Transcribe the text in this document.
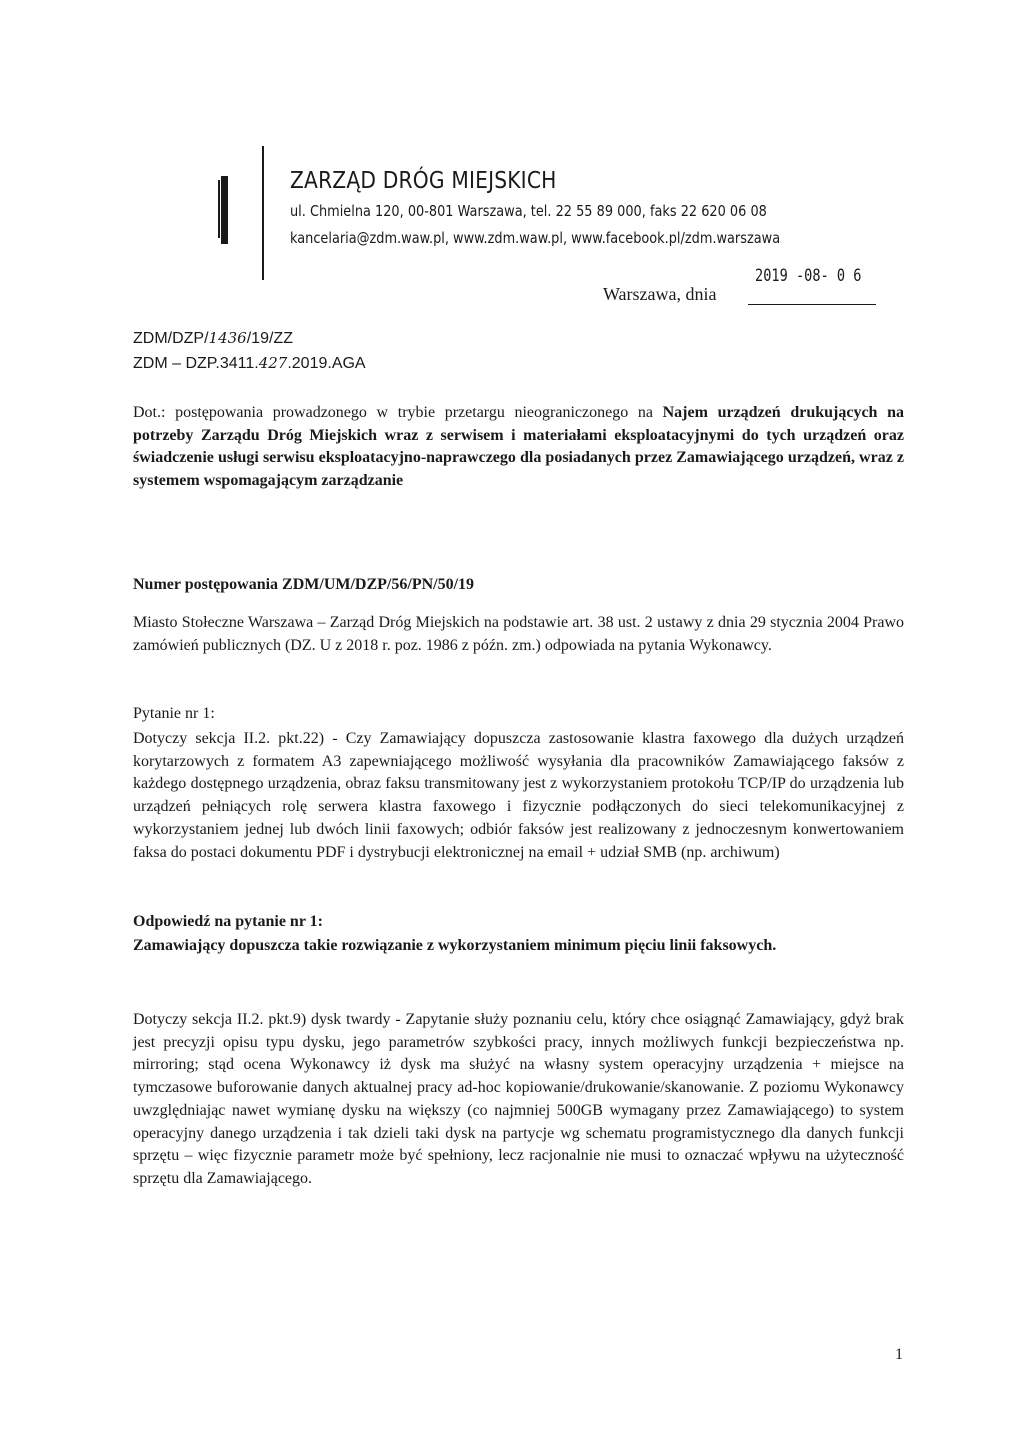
ZARZĄD DRÓG MIEJSKICH
ul. Chmielna 120, 00-801 Warszawa, tel. 22 55 89 000, faks 22 620 06 08
kancelaria@zdm.waw.pl, www.zdm.waw.pl, www.facebook.pl/zdm.warszawa
Warszawa, dnia
2019 -08- 0 6
ZDM/DZP/1436/19/ZZ
ZDM – DZP.3411.427.2019.AGA
Dot.: postępowania prowadzonego w trybie przetargu nieograniczonego na Najem urządzeń drukujących na potrzeby Zarządu Dróg Miejskich wraz z serwisem i materiałami eksploatacyjnymi do tych urządzeń oraz świadczenie usługi serwisu eksploatacyjno-naprawczego dla posiadanych przez Zamawiającego urządzeń, wraz z systemem wspomagającym zarządzanie
Numer postępowania ZDM/UM/DZP/56/PN/50/19
Miasto Stołeczne Warszawa – Zarząd Dróg Miejskich na podstawie art. 38 ust. 2 ustawy z dnia 29 stycznia 2004 Prawo zamówień publicznych (DZ. U z 2018 r. poz. 1986 z późn. zm.) odpowiada na pytania Wykonawcy.
Pytanie nr 1:
Dotyczy sekcja II.2. pkt.22) - Czy Zamawiający dopuszcza zastosowanie klastra faxowego dla dużych urządzeń korytarzowych z formatem A3 zapewniającego możliwość wysyłania dla pracowników Zamawiającego faksów z każdego dostępnego urządzenia, obraz faksu transmitowany jest z wykorzystaniem protokołu TCP/IP do urządzenia lub urządzeń pełniących rolę serwera klastra faxowego i fizycznie podłączonych do sieci telekomunikacyjnej z wykorzystaniem jednej lub dwóch linii faxowych; odbiór faksów jest realizowany z jednoczesnym konwertowaniem faksa do postaci dokumentu PDF i dystrybucji elektronicznej na email + udział SMB (np. archiwum)
Odpowiedź na pytanie nr 1:
Zamawiający dopuszcza takie rozwiązanie z wykorzystaniem minimum pięciu linii faksowych.
Dotyczy sekcja II.2. pkt.9) dysk twardy - Zapytanie służy poznaniu celu, który chce osiągnąć Zamawiający, gdyż brak jest precyzji opisu typu dysku, jego parametrów szybkości pracy, innych możliwych funkcji bezpieczeństwa np. mirroring; stąd ocena Wykonawcy iż dysk ma służyć na własny system operacyjny urządzenia + miejsce na tymczasowe buforowanie danych aktualnej pracy ad-hoc kopiowanie/drukowanie/skanowanie. Z poziomu Wykonawcy uwzględniając nawet wymianę dysku na większy (co najmniej 500GB wymagany przez Zamawiającego) to system operacyjny danego urządzenia i tak dzieli taki dysk na partycje wg schematu programistycznego dla danych funkcji sprzętu – więc fizycznie parametr może być spełniony, lecz racjonalnie nie musi to oznaczać wpływu na użyteczność sprzętu dla Zamawiającego.
1
